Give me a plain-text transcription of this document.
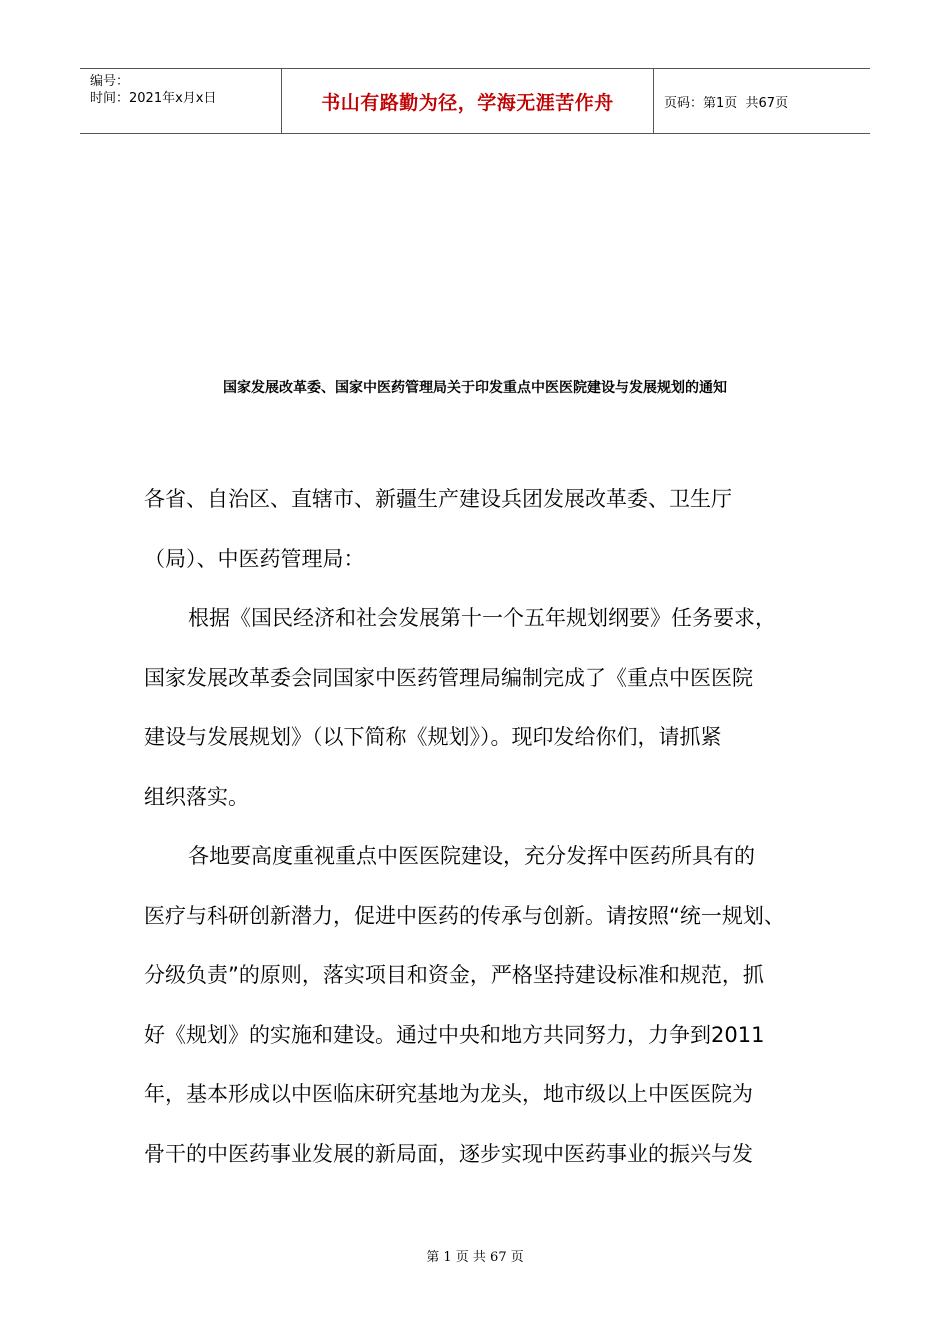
编号：
时间：2021年x月x日	书山有路勤为径，学海无涯苦作舟	页码：第1页  共67页
国家发展改革委、国家中医药管理局关于印发重点中医医院建设与发展规划的通知
各省、自治区、直辖市、新疆生产建设兵团发展改革委、卫生厅
（局）、中医药管理局：
根据《国民经济和社会发展第十一个五年规划纲要》任务要求，
国家发展改革委会同国家中医药管理局编制完成了《重点中医医院
建设与发展规划》（以下简称《规划》）。现印发给你们，请抓紧
组织落实。
各地要高度重视重点中医医院建设，充分发挥中医药所具有的
医疗与科研创新潜力，促进中医药的传承与创新。请按照“统一规划、
分级负责”的原则，落实项目和资金，严格坚持建设标准和规范，抓
好《规划》的实施和建设。通过中央和地方共同努力，力争到2011
年，基本形成以中医临床研究基地为龙头，地市级以上中医医院为
骨干的中医药事业发展的新局面，逐步实现中医药事业的振兴与发
第 1 页 共 67 页
